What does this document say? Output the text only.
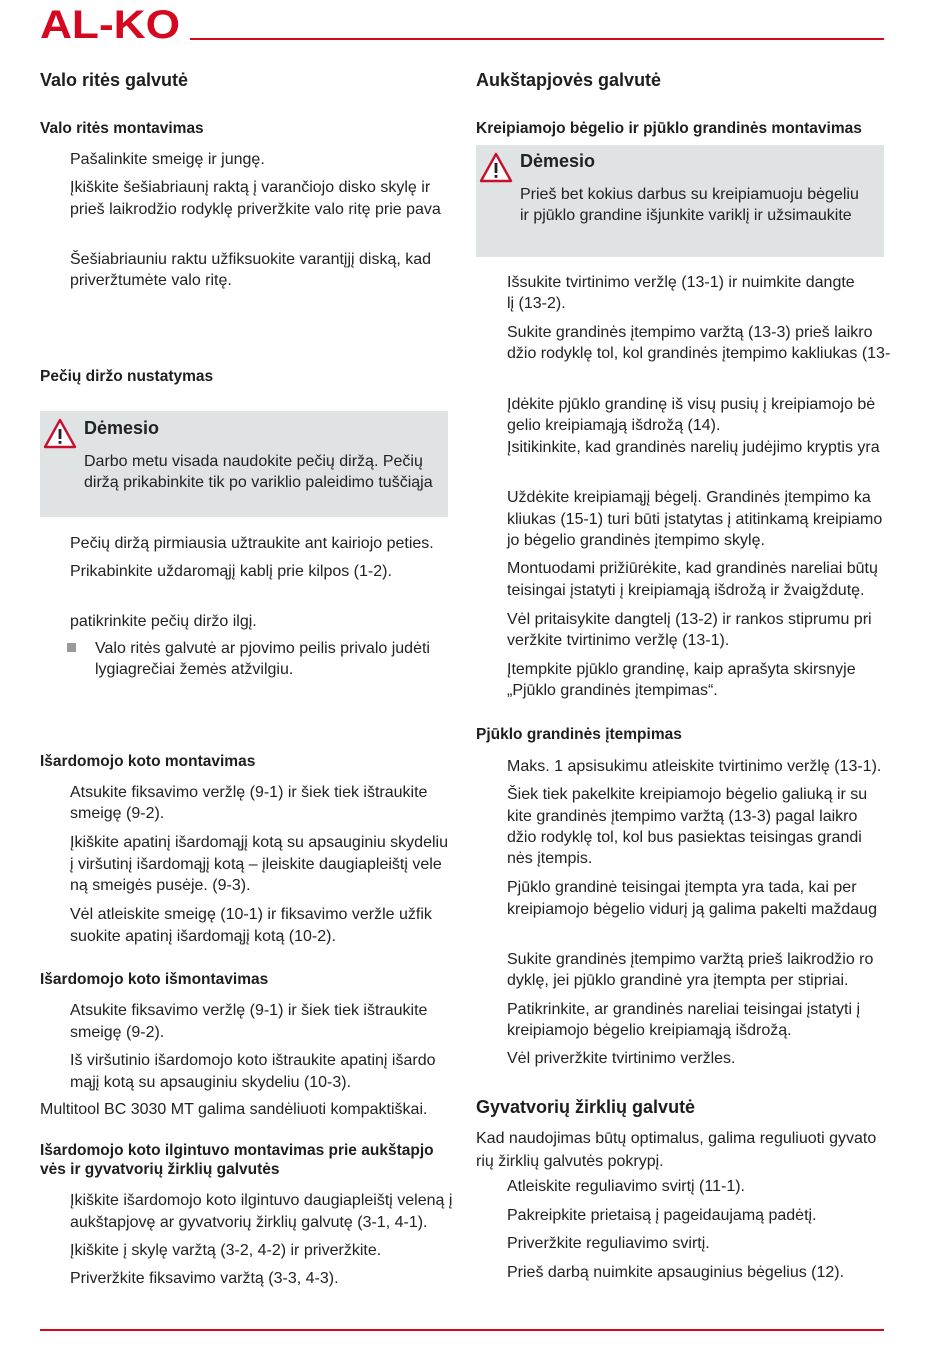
AL-KO
Valo ritės galvutė
Valo ritės montavimas
Pašalinkite smeigę ir jungę.
Įkiškite šešiabriaunį raktą į varančiojo disko skylę ir
prieš laikrodžio rodyklę priveržkite valo ritę prie pava
Šešiabriauniu raktu užfiksuokite varantįjį diską, kad
priveržtumėte valo ritę.
Pečių diržo nustatymas
Dėmesio
Darbo metu visada naudokite pečių diržą. Pečių
diržą prikabinkite tik po variklio paleidimo tuščiąja
Pečių diržą pirmiausia užtraukite ant kairiojo peties.
Prikabinkite uždaromąjį kablį prie kilpos (1-2).
patikrinkite pečių diržo ilgį.
Valo ritės galvutė ar pjovimo peilis privalo judėti
lygiagrečiai žemės atžvilgiu.
Išardomojo koto montavimas
Atsukite fiksavimo veržlę (9-1) ir šiek tiek ištraukite
smeigę (9-2).
Įkiškite apatinį išardomąjį kotą su apsauginiu skydeliu
į viršutinį išardomąjį kotą – įleiskite daugiapleištį vele
ną smeigės pusėje. (9-3).
Vėl atleiskite smeigę (10-1) ir fiksavimo veržle užfik
suokite apatinį išardomąjį kotą (10-2).
Išardomojo koto išmontavimas
Atsukite fiksavimo veržlę (9-1) ir šiek tiek ištraukite
smeigę (9-2).
Iš viršutinio išardomojo koto ištraukite apatinį išardo
mąjį kotą su apsauginiu skydeliu (10-3).
Multitool BC 3030 MT galima sandėliuoti kompaktiškai.
Išardomojo koto ilgintuvo montavimas prie aukštapjo
vės ir gyvatvorių žirklių galvutės
Įkiškite išardomojo koto ilgintuvo daugiapleištį veleną į
aukštapjovę ar gyvatvorių žirklių galvutę (3-1, 4-1).
Įkiškite į skylę varžtą (3-2, 4-2) ir priveržkite.
Priveržkite fiksavimo varžtą (3-3, 4-3).
Aukštapjovės galvutė
Kreipiamojo bėgelio ir pjūklo grandinės montavimas
Dėmesio
Prieš bet kokius darbus su kreipiamuoju bėgeliu
ir pjūklo grandine išjunkite variklį ir užsimaukite
Išsukite tvirtinimo veržlę (13-1) ir nuimkite dangte
lį (13-2).
Sukite grandinės įtempimo varžtą (13-3) prieš laikro
džio rodyklę tol, kol grandinės įtempimo kakliukas (13-
Įdėkite pjūklo grandinę iš visų pusių į kreipiamojo bė
gelio kreipiamąją išdrožą (14).
Įsitikinkite, kad grandinės narelių judėjimo kryptis yra
Uždėkite kreipiamąjį bėgelį. Grandinės įtempimo ka
kliukas (15-1) turi būti įstatytas į atitinkamą kreipiamo
jo bėgelio grandinės įtempimo skylę.
Montuodami prižiūrėkite, kad grandinės nareliai būtų
teisingai įstatyti į kreipiamąją išdrožą ir žvaigždutę.
Vėl pritaisykite dangtelį (13-2) ir rankos stiprumu pri
veržkite tvirtinimo veržlę (13-1).
Įtempkite pjūklo grandinę, kaip aprašyta skirsnyje
„Pjūklo grandinės įtempimas“.
Pjūklo grandinės įtempimas
Maks. 1 apsisukimu atleiskite tvirtinimo veržlę (13-1).
Šiek tiek pakelkite kreipiamojo bėgelio galiuką ir su
kite grandinės įtempimo varžtą (13-3) pagal laikro
džio rodyklę tol, kol bus pasiektas teisingas grandi
nės įtempis.
Pjūklo grandinė teisingai įtempta yra tada, kai per
kreipiamojo bėgelio vidurį ją galima pakelti maždaug
Sukite grandinės įtempimo varžtą prieš laikrodžio ro
dyklę, jei pjūklo grandinė yra įtempta per stipriai.
Patikrinkite, ar grandinės nareliai teisingai įstatyti į
kreipiamojo bėgelio kreipiamąją išdrožą.
Vėl priveržkite tvirtinimo veržles.
Gyvatvorių žirklių galvutė
Kad naudojimas būtų optimalus, galima reguliuoti gyvato
rių žirklių galvutės pokrypį.
Atleiskite reguliavimo svirtį (11-1).
Pakreipkite prietaisą į pageidaujamą padėtį.
Priveržkite reguliavimo svirtį.
Prieš darbą nuimkite apsauginius bėgelius (12).
